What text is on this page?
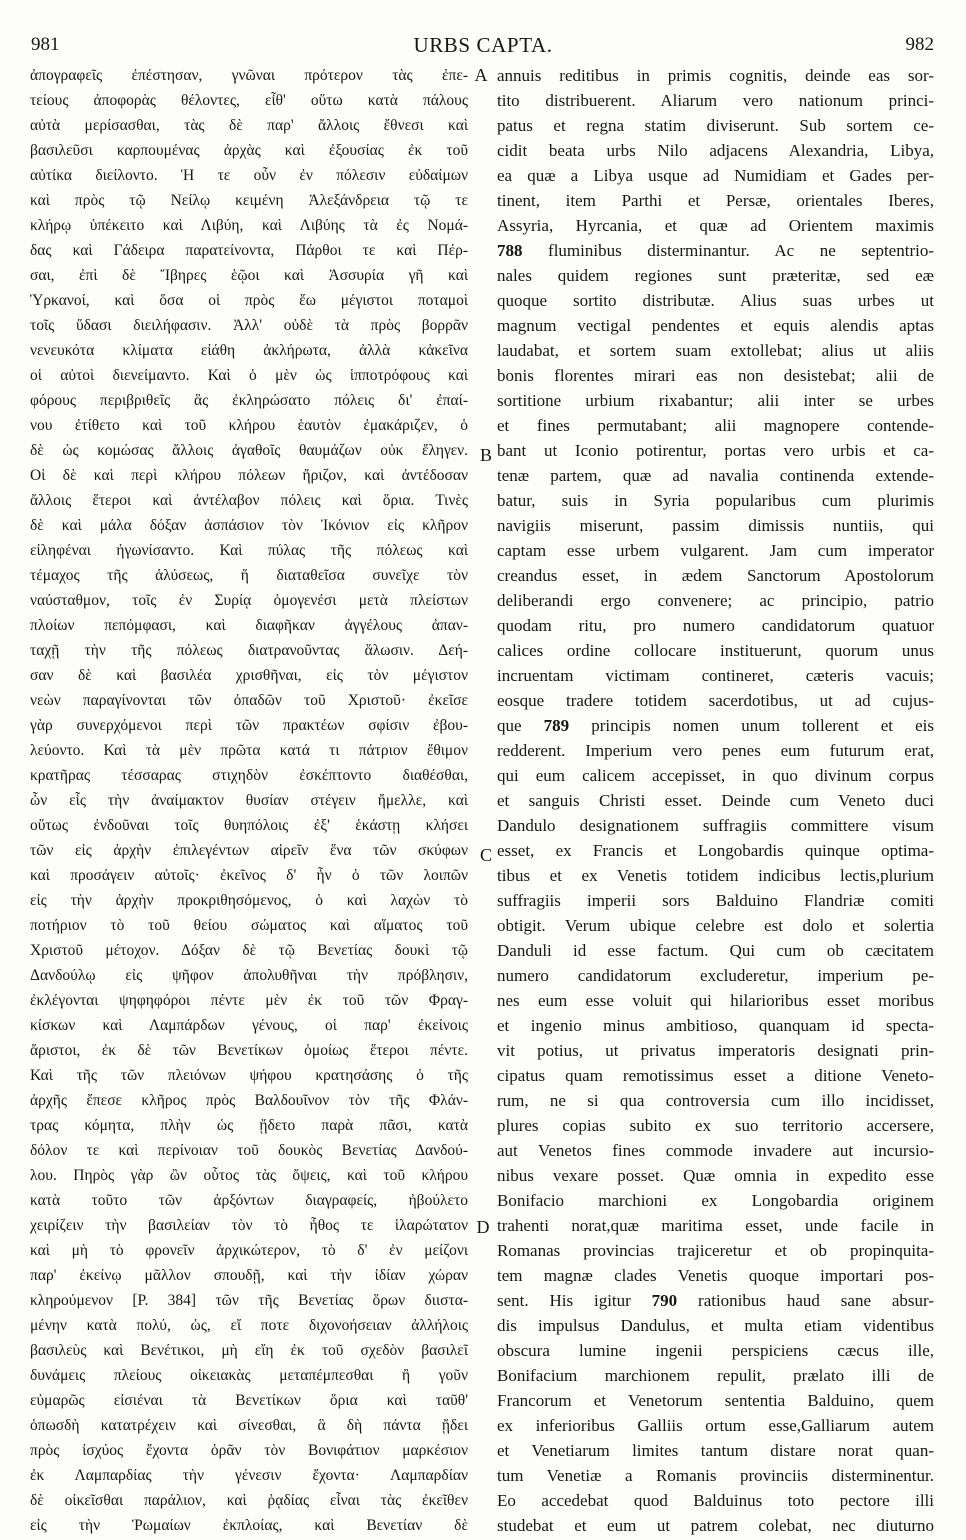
981	URBS CAPTA.	982
ἀπογραφεῖς ἐπέστησαν, γνῶναι πρότερον τὰς ἐπε-
τείους ἀποφορὰς θέλοντες, εἶθ' οὕτω κατὰ πάλους
αὐτὰ μερίσασθαι, τὰς δὲ παρ' ἄλλοις ἔθνεσι καὶ
βασιλεῦσι καρπουμένας ἀρχὰς καὶ ἐξουσίας ἐκ τοῦ
αὐτίκα διείλοντο. Ἡ τε οὖν ἐν πόλεσιν εὐδαίμων
καὶ πρὸς τῷ Νείλῳ κειμένη Ἀλεξάνδρεια τῷ τε
κλήρῳ ὑπέκειτο καὶ Λιβύη, καὶ Λιβύης τὰ ἐς Νομά-
δας καὶ Γάδειρα παρατείνοντα, Πάρθοι τε καὶ Πέρ-
σαι, ἐπὶ δὲ Ἴβηρες ἑῷοι καὶ Ἀσσυρία γῆ καὶ
Ὑρκανοί, καὶ ὅσα οἱ πρὸς ἕω μέγιστοι ποταμοὶ
τοῖς ὕδασι διειλήφασιν. Ἀλλ' οὐδὲ τὰ πρὸς βορρᾶν
νενευκότα κλίματα εἰάθη ἀκλήρωτα, ἀλλὰ κἀκεῖνα
οἱ αὐτοὶ διενείμαντο. Καὶ ὁ μὲν ὡς ἱπποτρόφους καὶ
φόρους περιβριθεῖς ἃς ἐκληρώσατο πόλεις δι' ἐπαί-
νου ἐτίθετο καὶ τοῦ κλήρου ἑαυτὸν ἐμακάριζεν, ὁ
δὲ ὡς κομώσας ἄλλοις ἀγαθοῖς θαυμάζων οὐκ ἔληγεν.
Οἱ δὲ καὶ περὶ κλήρου πόλεων ἤριζον, καὶ ἀντέδοσαν
ἄλλοις ἕτεροι καὶ ἀντέλαβον πόλεις καὶ ὅρια. Τινὲς
δὲ καὶ μάλα δόξαν ἀσπάσιον τὸν Ἰκόνιον εἰς κλῆρον
εἰληφέναι ἠγωνίσαντο. Καὶ πύλας τῆς πόλεως καὶ
τέμαχος τῆς ἁλύσεως, ἥ διαταθεῖσα συνεῖχε τὸν
ναύσταθμον, τοῖς ἐν Συρίᾳ ὁμογενέσι μετὰ πλείστων
πλοίων πεπόμφασι, καὶ διαφῆκαν ἀγγέλους ἀπαν-
ταχῇ τὴν τῆς πόλεως διατρανοῦντας ἅλωσιν. Δεή-
σαν δὲ καὶ βασιλέα χρισθῆναι, εἰς τὸν μέγιστον
νεὼν παραγίνονται τῶν ὀπαδῶν τοῦ Χριστοῦ· ἐκεῖσε
γὰρ συνερχόμενοι περὶ τῶν πρακτέων σφίσιν ἐβου-
λεύοντο. Καὶ τὰ μὲν πρῶτα κατά τι πάτριον ἔθιμον
κρατῆρας τέσσαρας στιχηδὸν ἐσκέπτοντο διαθέσθαι,
ὧν εἷς τὴν ἀναίμακτον θυσίαν στέγειν ἤμελλε, καὶ
οὕτως ἐνδοῦναι τοῖς θυηπόλοις ἐξ' ἑκάστῃ κλήσει
τῶν εἰς ἀρχὴν ἐπιλεγέντων αἱρεῖν ἕνα τῶν σκύφων
καὶ προσάγειν αὐτοῖς· ἐκεῖνος δ' ἦν ὁ τῶν λοιπῶν
εἰς τὴν ἀρχὴν προκριθησόμενος, ὁ καὶ λαχὼν τὸ
ποτήριον τὸ τοῦ θείου σώματος καὶ αἵματος τοῦ
Χριστοῦ μέτοχον. Δόξαν δὲ τῷ Βενετίας δουκὶ τῷ
Δανδούλῳ εἰς ψῆφον ἀπολυθῆναι τὴν πρόβλησιν,
ἐκλέγονται ψηφηφόροι πέντε μὲν ἐκ τοῦ τῶν Φραγ-
κίσκων καὶ Λαμπάρδων γένους, οἱ παρ' ἐκείνοις
ἄριστοι, ἐκ δὲ τῶν Βενετίκων ὁμοίως ἕτεροι πέντε.
Καὶ τῆς τῶν πλειόνων ψήφου κρατησάσης ὁ τῆς
ἀρχῆς ἔπεσε κλῆρος πρὸς Βαλδουῖνον τὸν τῆς Φλάν-
τρας κόμητα, πλὴν ὡς ᾔδετο παρὰ πᾶσι, κατὰ
δόλον τε καὶ περίνοιαν τοῦ δουκὸς Βενετίας Δανδού-
λου. Πηρὸς γὰρ ὢν οὗτος τὰς ὄψεις, καὶ τοῦ κλήρου
κατὰ τοῦτο τῶν ἀρξόντων διαγραφείς, ἠβούλετο
χειρίζειν τὴν βασιλείαν τὸν τὸ ἦθος τε ἱλαρώτατον
καὶ μὴ τὸ φρονεῖν ἀρχικώτερον, τὸ δ' ἐν μείζονι
παρ' ἐκείνῳ μᾶλλον σπουδῇ, καὶ τὴν ἰδίαν χώραν
κληρούμενον [P. 384] τῶν τῆς Βενετίας ὅρων διιστα-
μένην κατὰ πολύ, ὡς, εἴ ποτε διχονοήσειαν ἀλλήλοις
βασιλεὺς καὶ Βενέτικοι, μὴ εἴη ἐκ τοῦ σχεδὸν βασιλεῖ
δυνάμεις πλείους οἰκειακὰς μεταπέμπεσθαι ἢ γοῦν
εὐμαρῶς εἰσιέναι τὰ Βενετίκων ὅρια καὶ ταῦθ'
ὁπωσδὴ κατατρέχειν καὶ σίνεσθαι, ἃ δὴ πάντα ᾔδει
πρὸς ἰσχύος ἔχοντα ὁρᾶν τὸν Βονιφάτιον μαρκέσιον
ἐκ Λαμπαρδίας τὴν γένεσιν ἔχοντα· Λαμπαρδίαν
δὲ οἰκεῖσθαι παράλιον, καὶ ῥᾳδίας εἶναι τὰς ἐκεῖθεν
εἰς τὴν Ῥωμαίων ἐκπλοίας, καὶ Βενετίαν δὲ
annuis reditibus in primis cognitis, deinde eas sor-
tito distribuerent. Aliarum vero nationum princi-
patus et regna statim diviserunt. Sub sortem ce-
cidit beata urbs Nilo adjacens Alexandria, Libya,
ea quæ a Libya usque ad Numidiam et Gades per-
tinent, item Parthi et Persæ, orientales Iberes,
Assyria, Hyrcania, et quæ ad Orientem maximis
788 fluminibus disterminantur. Ac ne septentrio-
nales quidem regiones sunt præteritæ, sed eæ
quoque sortito distributæ. Alius suas urbes ut
magnum vectigal pendentes et equis alendis aptas
laudabat, et sortem suam extollebat; alius ut aliis
bonis florentes mirari eas non desistebat; alii de
sortitione urbium rixabantur; alii inter se urbes
et fines permutabant; alii magnopere contende-
bant ut Iconio potirentur, portas vero urbis et ca-
tenæ partem, quæ ad navalia continenda extende-
batur, suis in Syria popularibus cum plurimis
navigiis miserunt, passim dimissis nuntiis, qui
captam esse urbem vulgarent. Jam cum imperator
creandus esset, in ædem Sanctorum Apostolorum
deliberandi ergo convenere; ac principio, patrio
quodam ritu, pro numero candidatorum quatuor
calices ordine collocare instituerunt, quorum unus
incruentam victimam contineret, cæteris vacuis;
eosque tradere totidem sacerdotibus, ut ad cujus-
que 789 principis nomen unum tollerent et eis
redderent. Imperium vero penes eum futurum erat,
qui eum calicem accepisset, in quo divinum corpus
et sanguis Christi esset. Deinde cum Veneto duci
Dandulo designationem suffragiis committere visum
esset, ex Francis et Longobardis quinque optima-
tibus et ex Venetis totidem indicibus lectis,plurium
suffragiis imperii sors Balduino Flandriæ comiti
obtigit. Verum ubique celebre est dolo et solertia
Danduli id esse factum. Qui cum ob cæcitatem
numero candidatorum excluderetur, imperium pe-
nes eum esse voluit qui hilarioribus esset moribus
et ingenio minus ambitioso, quanquam id specta-
vit potius, ut privatus imperatoris designati prin-
cipatus quam remotissimus esset a ditione Veneto-
rum, ne si qua controversia cum illo incidisset,
plures copias subito ex suo territorio accersere,
aut Venetos fines commode invadere aut incursio-
nibus vexare posset. Quæ omnia in expedito esse
Bonifacio marchioni ex Longobardia originem
trahenti norat,quæ maritima esset, unde facile in
Romanas provincias trajiceretur et ob propinquita-
tem magnæ clades Venetis quoque importari pos-
sent. His igitur 790 rationibus haud sane absur-
dis impulsus Dandulus, et multa etiam videntibus
obscura lumine ingenii perspiciens cæcus ille,
Bonifacium marchionem repulit, prælato illi de
Francorum et Venetorum sententia Balduino, quem
ex inferioribus Galliis ortum esse,Galliarum autem
et Venetiarum limites tantum distare norat quan-
tum Venetiæ a Romanis provinciis disterminentur.
Eo accedebat quod Balduinus toto pectore illi
studebat et eum ut patrem colebat, nec diuturno
A
B
C
D
